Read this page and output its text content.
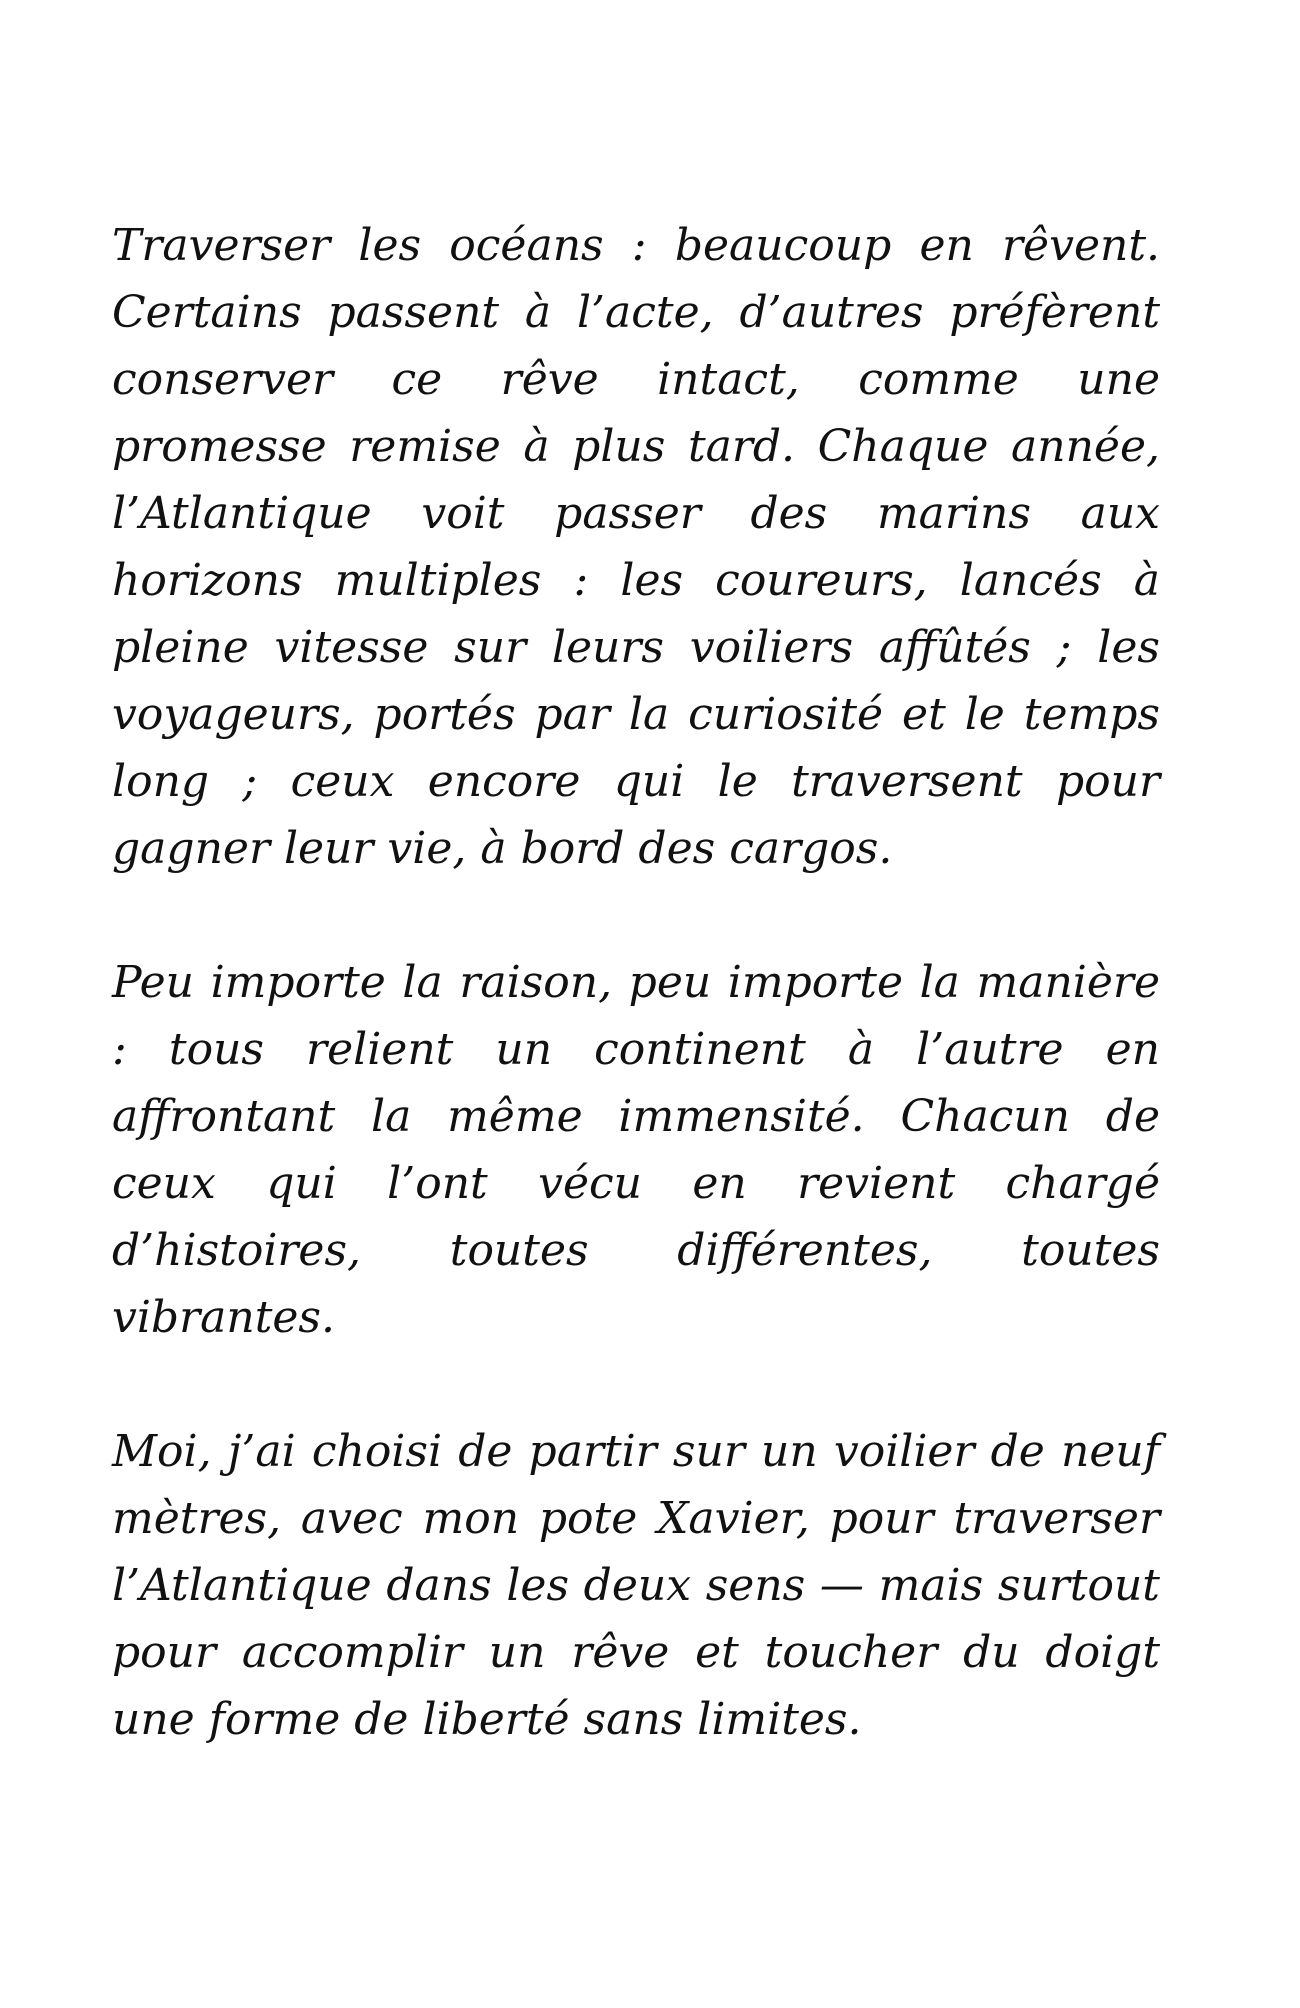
Traverser les océans : beaucoup en rêvent. Certains passent à l’acte, d’autres préfèrent conserver ce rêve intact, comme une promesse remise à plus tard. Chaque année, l’Atlantique voit passer des marins aux horizons multiples : les coureurs, lancés à pleine vitesse sur leurs voiliers affûtés ; les voyageurs, portés par la curiosité et le temps long ; ceux encore qui le traversent pour gagner leur vie, à bord des cargos.

Peu importe la raison, peu importe la manière : tous relient un continent à l’autre en affrontant la même immensité. Chacun de ceux qui l’ont vécu en revient chargé d’histoires, toutes différentes, toutes vibrantes.

Moi, j’ai choisi de partir sur un voilier de neuf mètres, avec mon pote Xavier, pour traverser l’Atlantique dans les deux sens — mais surtout pour accomplir un rêve et toucher du doigt une forme de liberté sans limites.
